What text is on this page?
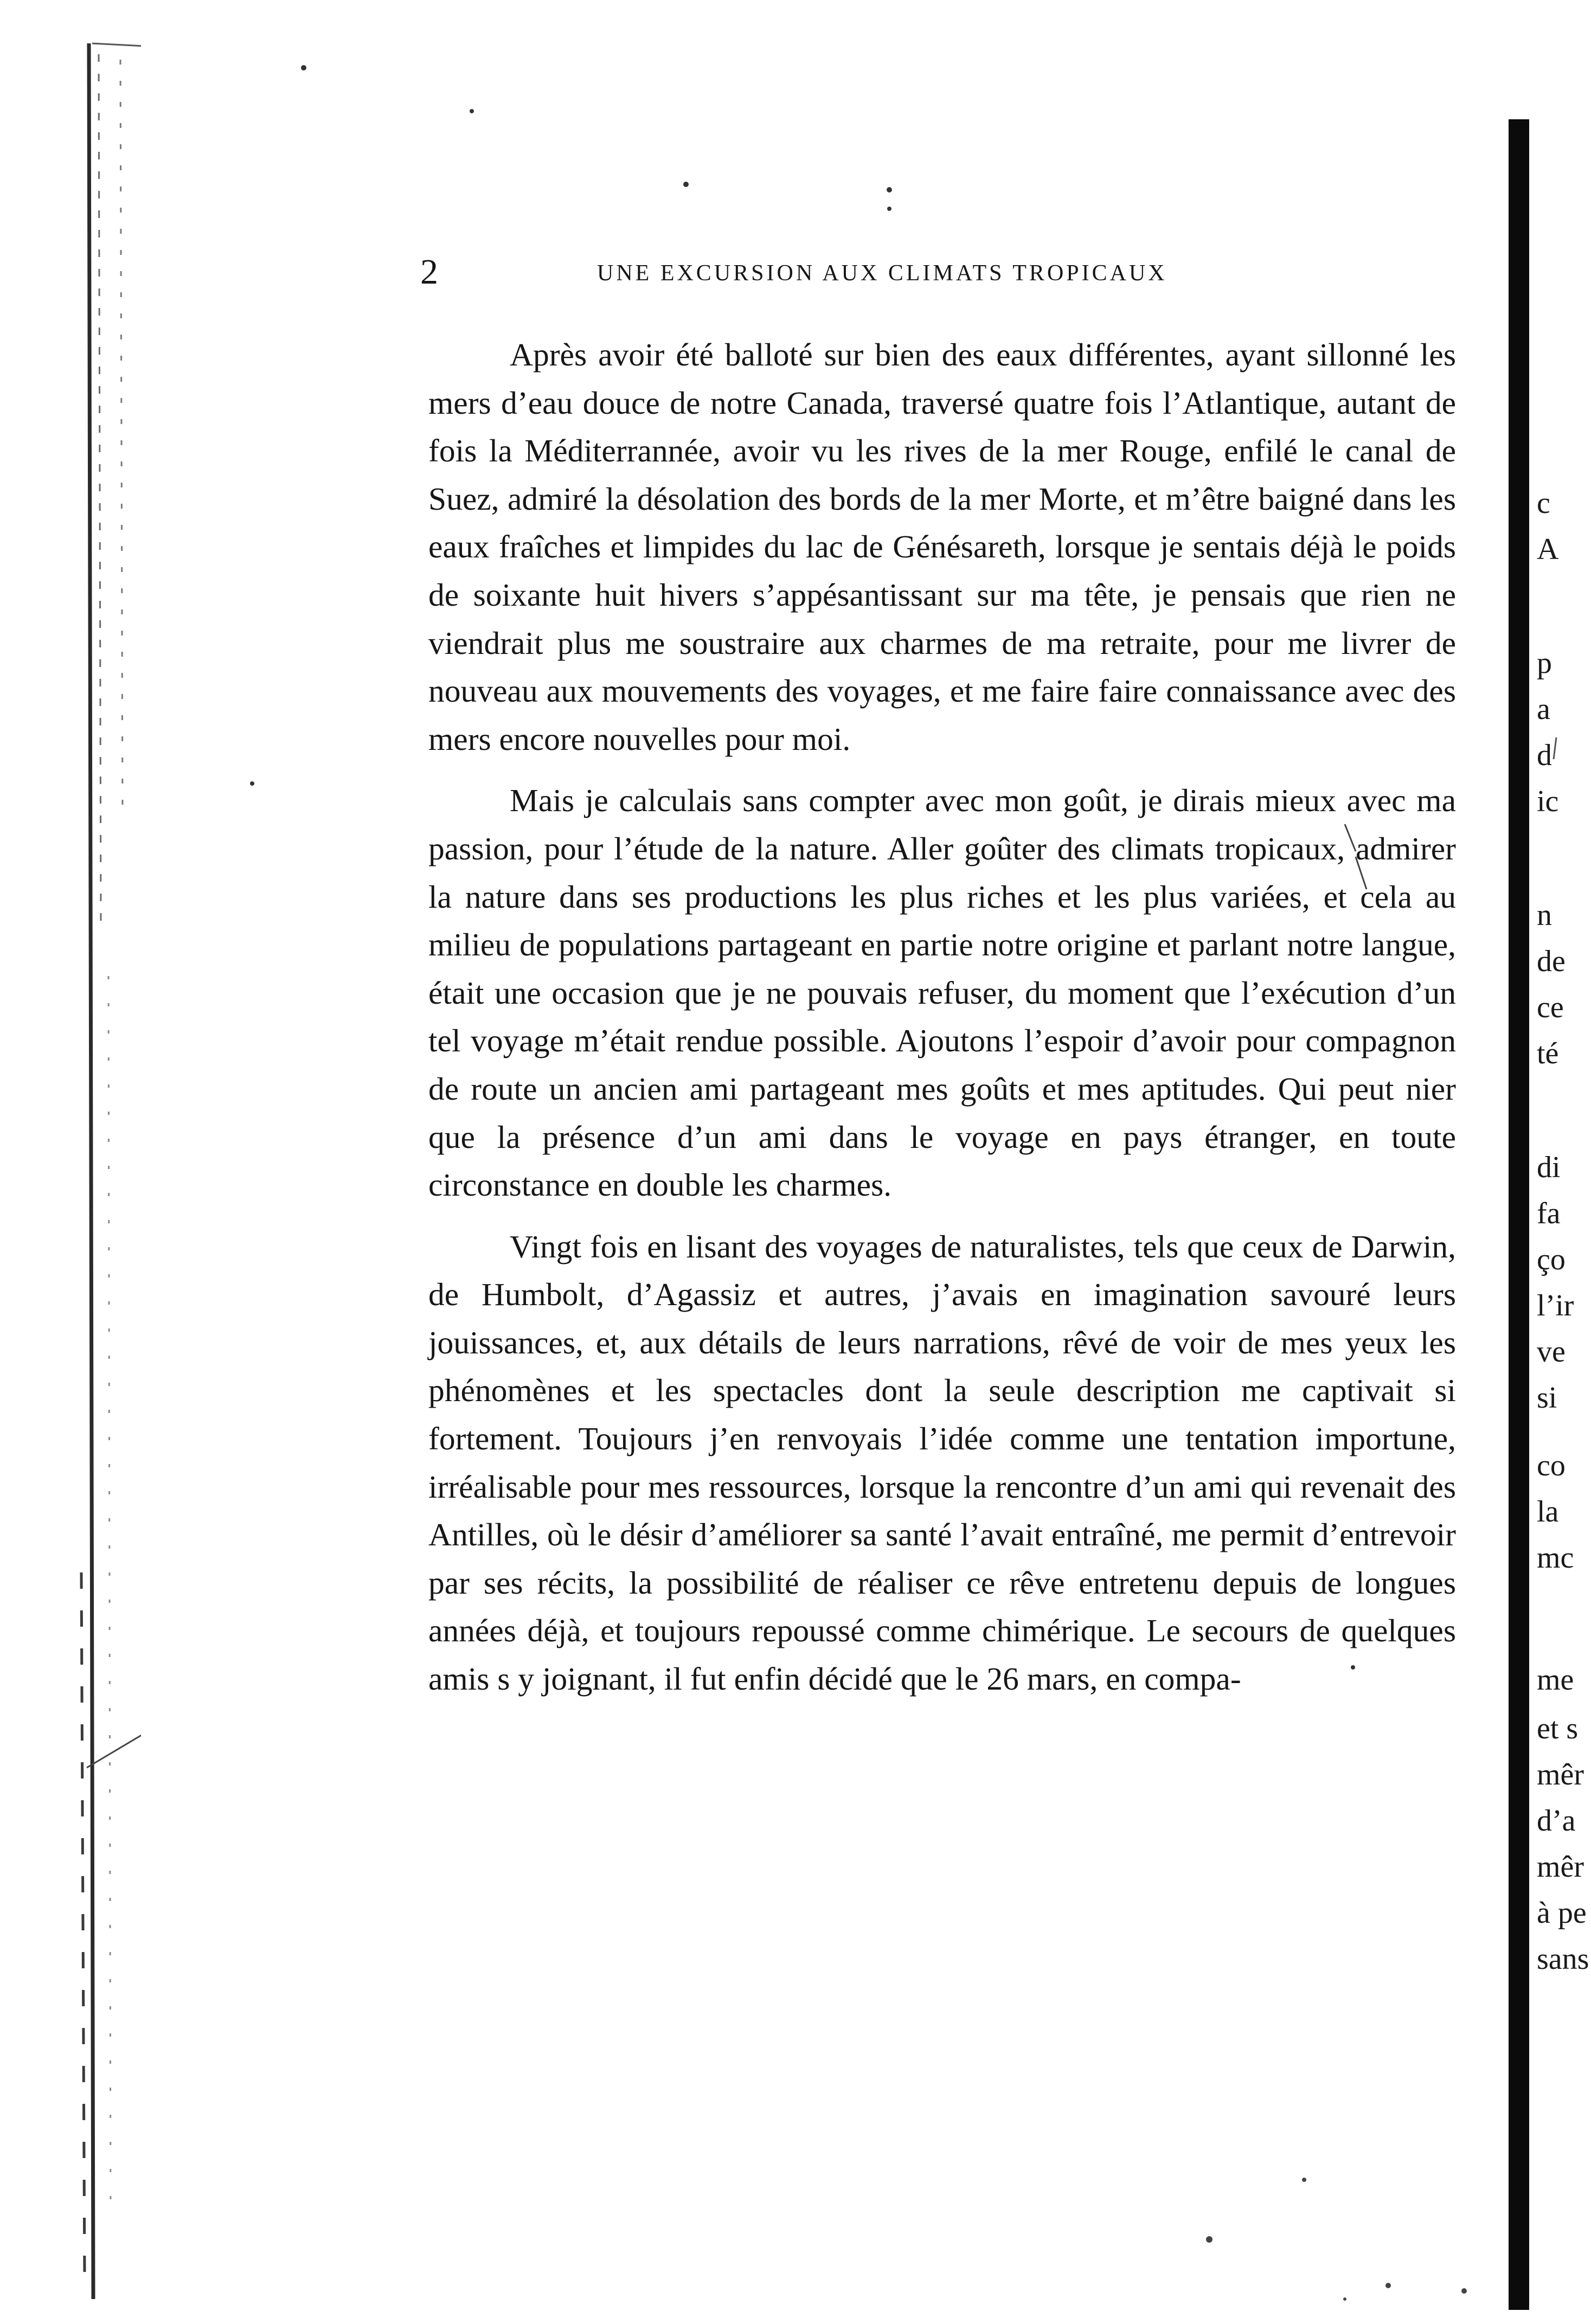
2	UNE EXCURSION AUX CLIMATS TROPICAUX

Après avoir été balloté sur bien des eaux différentes, ayant sillonné les mers d’eau douce de notre Canada, traversé quatre fois l’Atlantique, autant de fois la Méditerrannée, avoir vu les rives de la mer Rouge, enfilé le canal de Suez, admiré la désolation des bords de la mer Morte, et m’être baigné dans les eaux fraîches et limpides du lac de Génésareth, lorsque je sentais déjà le poids de soixante huit hivers s’appésantissant sur ma tête, je pensais que rien ne viendrait plus me soustraire aux charmes de ma retraite, pour me livrer de nouveau aux mouvements des voyages, et me faire faire connaissance avec des mers encore nouvelles pour moi.

Mais je calculais sans compter avec mon goût, je dirais mieux avec ma passion, pour l’étude de la nature. Aller goûter des climats tropicaux, admirer la nature dans ses productions les plus riches et les plus variées, et cela au milieu de populations partageant en partie notre origine et parlant notre langue, était une occasion que je ne pouvais refuser, du moment que l’exécution d’un tel voyage m’était rendue possible. Ajoutons l’espoir d’avoir pour compagnon de route un ancien ami partageant mes goûts et mes aptitudes. Qui peut nier que la présence d’un ami dans le voyage en pays étranger, en toute circonstance en double les charmes.

Vingt fois en lisant des voyages de naturalistes, tels que ceux de Darwin, de Humbolt, d’Agassiz et autres, j’avais en imagination savouré leurs jouissances, et, aux détails de leurs narrations, rêvé de voir de mes yeux les phénomènes et les spectacles dont la seule description me captivait si fortement. Toujours j’en renvoyais l’idée comme une tentation importune, irréalisable pour mes ressources, lorsque la rencontre d’un ami qui revenait des Antilles, où le désir d’améliorer sa santé l’avait entraîné, me permit d’entrevoir par ses récits, la possibilité de réaliser ce rêve entretenu depuis de longues années déjà, et toujours repoussé comme chimérique. Le secours de quelques amis s y joignant, il fut enfin décidé que le 26 mars, en compa-

c
A
p
a
d
ic
n
de
ce
té
di
fa
ço
l’ir
ve
si
co
la
mc
me
et s
mêr
d’a
mêr
à pe
sans
